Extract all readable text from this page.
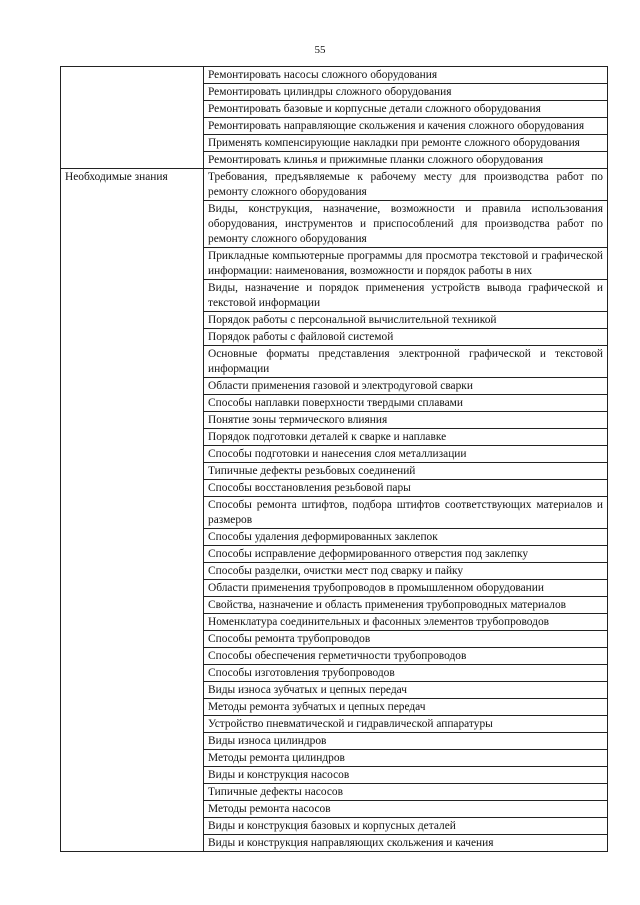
55
	Ремонтировать насосы сложного оборудования
	Ремонтировать цилиндры сложного оборудования
	Ремонтировать базовые и корпусные детали сложного оборудования
	Ремонтировать направляющие скольжения и качения сложного оборудования
	Применять компенсирующие накладки при ремонте сложного оборудования
	Ремонтировать клинья и прижимные планки сложного оборудования
Необходимые знания	Требования, предъявляемые к рабочему месту для производства работ по ремонту сложного оборудования
	Виды, конструкция, назначение, возможности и правила использования оборудования, инструментов и приспособлений для производства работ по ремонту сложного оборудования
	Прикладные компьютерные программы для просмотра текстовой и графической информации: наименования, возможности и порядок работы в них
	Виды, назначение и порядок применения устройств вывода графической и текстовой информации
	Порядок работы с персональной вычислительной техникой
	Порядок работы с файловой системой
	Основные форматы представления электронной графической и текстовой информации
	Области применения газовой и электродуговой сварки
	Способы наплавки поверхности твердыми сплавами
	Понятие зоны термического влияния
	Порядок подготовки деталей к сварке и наплавке
	Способы подготовки и нанесения слоя металлизации
	Типичные дефекты резьбовых соединений
	Способы восстановления резьбовой пары
	Способы ремонта штифтов, подбора штифтов соответствующих материалов и размеров
	Способы удаления деформированных заклепок
	Способы исправление деформированного отверстия под заклепку
	Способы разделки, очистки мест под сварку и пайку
	Области применения трубопроводов в промышленном оборудовании
	Свойства, назначение и область применения трубопроводных материалов
	Номенклатура соединительных и фасонных элементов трубопроводов
	Способы ремонта трубопроводов
	Способы обеспечения герметичности трубопроводов
	Способы изготовления трубопроводов
	Виды износа зубчатых и цепных передач
	Методы ремонта зубчатых и цепных передач
	Устройство пневматической и гидравлической аппаратуры
	Виды износа цилиндров
	Методы ремонта цилиндров
	Виды и конструкция насосов
	Типичные дефекты насосов
	Методы ремонта насосов
	Виды и конструкция базовых и корпусных деталей
	Виды и конструкция направляющих скольжения и качения
